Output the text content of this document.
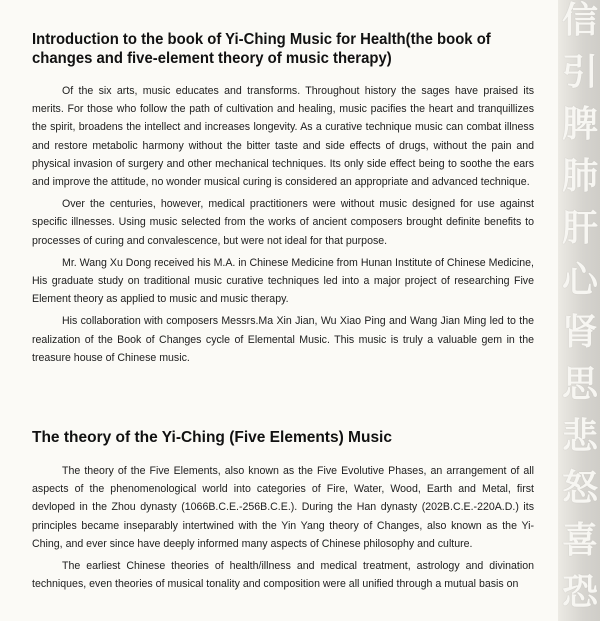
Introduction to the book of Yi-Ching Music for Health(the book of changes and five-element theory of music therapy)

Of the six arts, music educates and transforms. Throughout history the sages have praised its merits. For those who follow the path of cultivation and healing, music pacifies the heart and tranquillizes the spirit, broadens the intellect and increases longevity. As a curative technique music can combat illness and restore metabolic harmony without the bitter taste and side effects of drugs, without the pain and physical invasion of surgery and other mechanical techniques. Its only side effect being to soothe the ears and improve the attitude, no wonder musical curing is considered an appropriate and advanced technique.

Over the centuries, however, medical practitioners were without music designed for use against specific illnesses. Using music selected from the works of ancient composers brought definite benefits to processes of curing and convalescence, but were not ideal for that purpose.

Mr. Wang Xu Dong received his M.A. in Chinese Medicine from Hunan Institute of Chinese Medicine, His graduate study on traditional music curative techniques led into a major project of researching Five Element theory as applied to music and music therapy.

His collaboration with composers Messrs.Ma Xin Jian, Wu Xiao Ping and Wang Jian Ming led to the realization of the Book of Changes cycle of Elemental Music. This music is truly a valuable gem in the treasure house of Chinese music.

The theory of the Yi-Ching (Five Elements) Music

The theory of the Five Elements, also known as the Five Evolutive Phases, an arrangement of all aspects of the phenomenological world into categories of Fire, Water, Wood, Earth and Metal, first devloped in the Zhou dynasty (1066B.C.E.-256B.C.E.). During the Han dynasty (202B.C.E.-220A.D.) its principles became inseparably intertwined with the Yin Yang theory of Changes, also known as the Yi-Ching, and ever since have deeply informed many aspects of Chinese philosophy and culture.

The earliest Chinese theories of health/illness and medical treatment, astrology and divination techniques, even theories of musical tonality and composition were all unified through a mutual basis on

信引脾肺肝心肾思悲怒喜恐
